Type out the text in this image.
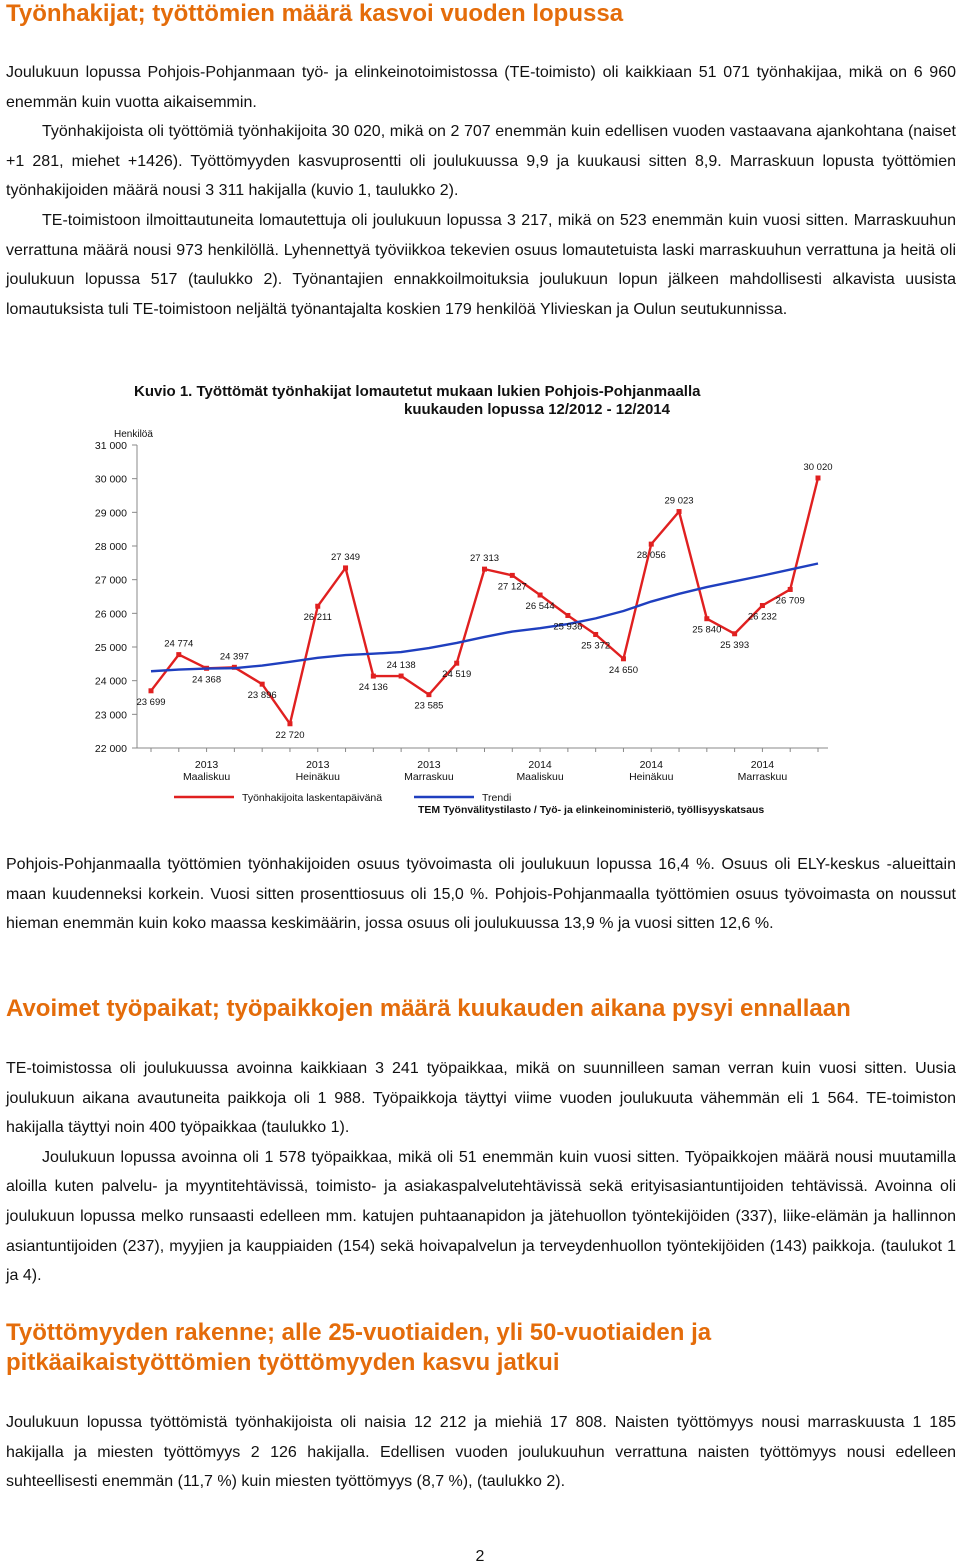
Työnhakijat; työttömien määrä kasvoi vuoden lopussa

Joulukuun lopussa Pohjois-Pohjanmaan työ- ja elinkeinotoimistossa (TE-toimisto) oli kaikkiaan 51 071 työnhakijaa, mikä on 6 960 enemmän kuin vuotta aikaisemmin.

Työnhakijoista oli työttömiä työnhakijoita 30 020, mikä on 2 707 enemmän kuin edellisen vuoden vastaavana ajankohtana (naiset +1 281, miehet +1426). Työttömyyden kasvuprosentti oli joulukuussa 9,9 ja kuukausi sitten 8,9. Marraskuun lopusta työttömien työnhakijoiden määrä nousi 3 311 hakijalla (kuvio 1, taulukko 2).

TE-toimistoon ilmoittautuneita lomautettuja oli joulukuun lopussa 3 217, mikä on 523 enemmän kuin vuosi sitten. Marraskuuhun verrattuna määrä nousi 973 henkilöllä. Lyhennettyä työviikkoa tekevien osuus lomautetuista laski marraskuuhun verrattuna ja heitä oli joulukuun lopussa 517 (taulukko 2). Työnantajien ennakkoilmoituksia joulukuun lopun jälkeen mahdollisesti alkavista uusista lomautuksista tuli TE-toimistoon neljältä työnantajalta koskien 179 henkilöä Ylivieskan ja Oulun seutukunnissa.

Pohjois-Pohjanmaalla työttömien työnhakijoiden osuus työvoimasta oli joulukuun lopussa 16,4 %. Osuus oli ELY-keskus -alueittain maan kuudenneksi korkein. Vuosi sitten prosenttiosuus oli 15,0 %. Pohjois-Pohjanmaalla työttömien osuus työvoimasta on noussut hieman enemmän kuin koko maassa keskimäärin, jossa osuus oli joulukuussa 13,9 % ja vuosi sitten 12,6 %.

Avoimet työpaikat; työpaikkojen määrä kuukauden aikana pysyi ennallaan

TE-toimistossa oli joulukuussa avoinna kaikkiaan 3 241 työpaikkaa, mikä on suunnilleen saman verran kuin vuosi sitten. Uusia joulukuun aikana avautuneita paikkoja oli 1 988. Työpaikkoja täyttyi viime vuoden joulukuuta vähemmän eli 1 564. TE-toimiston hakijalla täyttyi noin 400 työpaikkaa (taulukko 1).

Joulukuun lopussa avoinna oli 1 578 työpaikkaa, mikä oli 51 enemmän kuin vuosi sitten. Työpaikkojen määrä nousi muutamilla aloilla kuten palvelu- ja myyntitehtävissä, toimisto- ja asiakaspalvelutehtävissä sekä erityisasiantuntijoiden tehtävissä. Avoinna oli joulukuun lopussa melko runsaasti edelleen mm. katujen puhtaanapidon ja jätehuollon työntekijöiden (337), liike-elämän ja hallinnon asiantuntijoiden (237), myyjien ja kauppiaiden (154) sekä hoivapalvelun ja terveydenhuollon työntekijöiden (143) paikkoja. (taulukot 1 ja 4).

Työttömyyden rakenne; alle 25-vuotiaiden, yli 50-vuotiaiden ja pitkäaikaistyöttömien työttömyyden kasvu jatkui

Joulukuun lopussa työttömistä työnhakijoista oli naisia 12 212 ja miehiä 17 808. Naisten työttömyys nousi marraskuusta 1 185 hakijalla ja miesten työttömyys 2 126 hakijalla. Edellisen vuoden joulukuuhun verrattuna naisten työttömyys nousi edelleen suhteellisesti enemmän (11,7 %) kuin miesten työttömyys (8,7 %), (taulukko 2).

2
Kuvio 1. Työttömät työnhakijat lomautetut mukaan lukien Pohjois-Pohjanmaalla
kuukauden lopussa 12/2012 - 12/2014
Henkilöä
22 000
23 000
24 000
25 000
26 000
27 000
28 000
29 000
30 000
31 000
2013
Maaliskuu
2013
Heinäkuu
2013
Marraskuu
2014
Maaliskuu
2014
Heinäkuu
2014
Marraskuu
23 699
24 774
24 368
24 397
23 896
22 720
26 211
27 349
24 136
24 138
23 585
24 519
27 313
27 127
26 544
25 936
25 372
24 650
28 056
29 023
25 840
25 393
26 232
26 709
30 020
Työnhakijoita laskentapäivänä	Trendi
TEM Työnvälitystilasto / Työ- ja elinkeinoministeriö, työllisyyskatsaus
